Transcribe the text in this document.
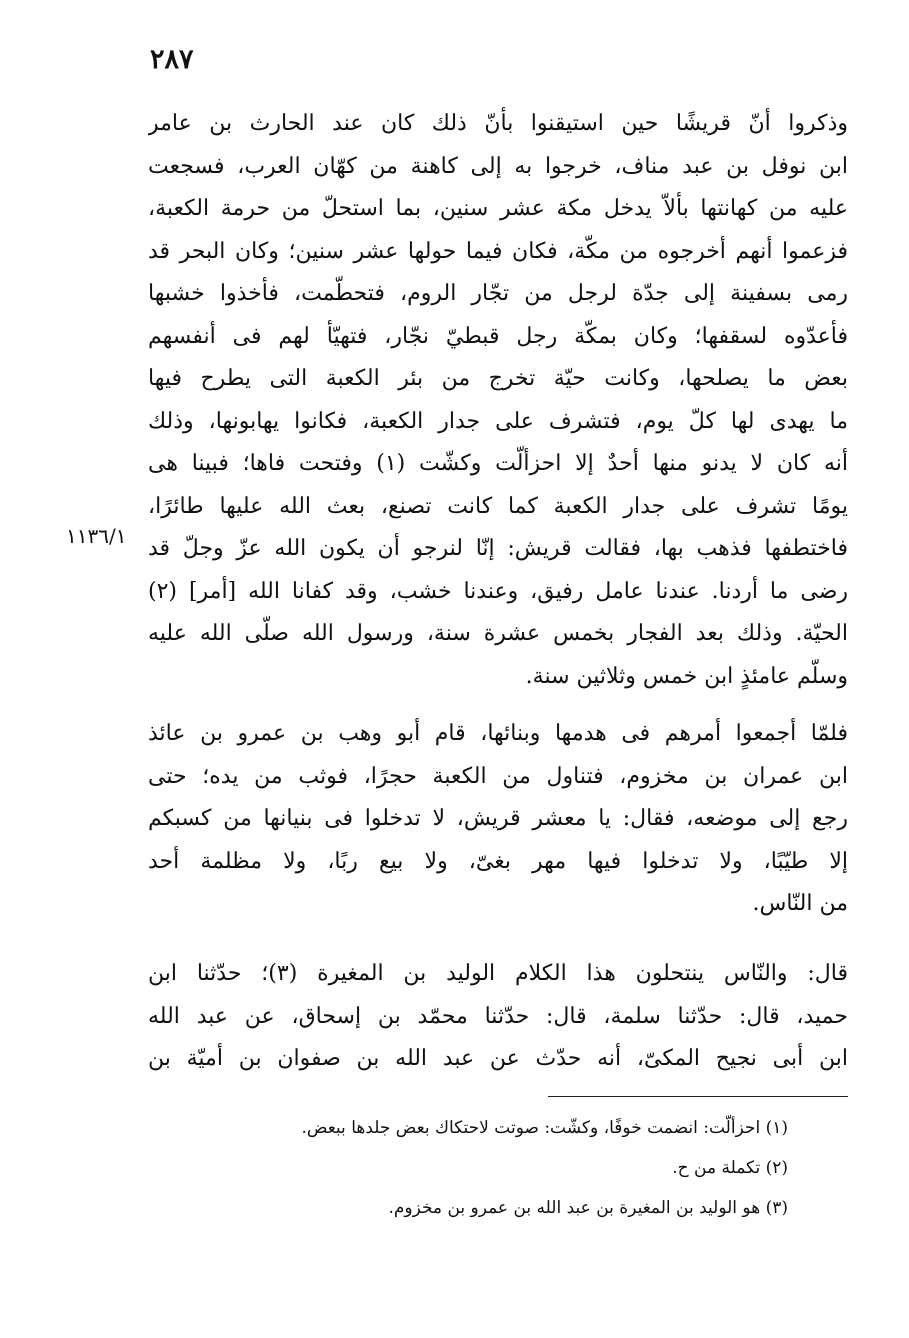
٢٨٧
١١٣٦/١
وذكروا أنّ قريشًا حين استيقنوا بأنّ ذلك كان عند الحارث بن عامر
ابن نوفل بن عبد مناف، خرجوا به إلى كاهنة من كهّان العرب، فسجعت
عليه من كهانتها بألاّ يدخل مكة عشر سنين، بما استحلّ من حرمة الكعبة،
فزعموا أنهم أخرجوه من مكّة، فكان فيما حولها عشر سنين؛ وكان البحر قد
رمى بسفينة إلى جدّة لرجل من تجّار الروم، فتحطّمت، فأخذوا خشبها
فأعدّوه لسقفها؛ وكان بمكّة رجل قبطيّ نجّار، فتهيّأ لهم فى أنفسهم
بعض ما يصلحها، وكانت حيّة تخرج من بئر الكعبة التى يطرح فيها
ما يهدى لها كلّ يوم، فتشرف على جدار الكعبة، فكانوا يهابونها، وذلك
أنه كان لا يدنو منها أحدٌ إلا احزألّت وكشّت (١) وفتحت فاها؛ فبينا هى
يومًا تشرف على جدار الكعبة كما كانت تصنع، بعث الله عليها طائرًا،
فاختطفها فذهب بها، فقالت قريش: إنّا لنرجو أن يكون الله عزّ وجلّ قد
رضى ما أردنا. عندنا عامل رفيق، وعندنا خشب، وقد كفانا الله [أمر] (٢)
الحيّة. وذلك بعد الفجار بخمس عشرة سنة، ورسول الله صلّى الله عليه
وسلّم عامئذٍ ابن خمس وثلاثين سنة.
فلمّا أجمعوا أمرهم فى هدمها وبنائها، قام أبو وهب بن عمرو بن عائذ
ابن عمران بن مخزوم، فتناول من الكعبة حجرًا، فوثب من يده؛ حتى
رجع إلى موضعه، فقال: يا معشر قريش، لا تدخلوا فى بنيانها من كسبكم
إلا طيّبًا، ولا تدخلوا فيها مهر بغىّ، ولا بيع ربًا، ولا مظلمة أحد
من النّاس.
قال: والنّاس ينتحلون هذا الكلام الوليد بن المغيرة (٣)؛ حدّثنا ابن
حميد، قال: حدّثنا سلمة، قال: حدّثنا محمّد بن إسحاق، عن عبد الله
ابن أبى نجيح المكىّ، أنه حدّث عن عبد الله بن صفوان بن أميّة بن
(١) احزألّت: انضمت خوفًا، وكشّت: صوتت لاحتكاك بعض جلدها ببعض.
(٢) تكملة من ح.
(٣) هو الوليد بن المغيرة بن عبد الله بن عمرو بن مخزوم.
